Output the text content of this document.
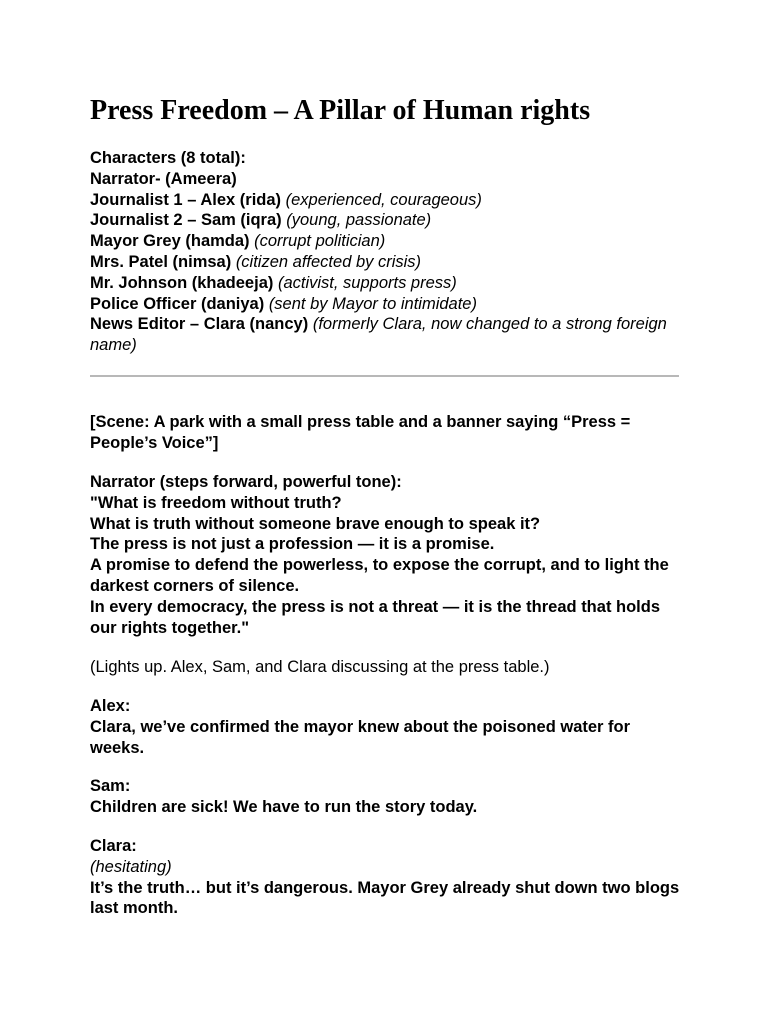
Press Freedom – A Pillar of Human rights

Characters (8 total):

Narrator- (Ameera)

Journalist 1 – Alex (rida) (experienced, courageous)

Journalist 2 – Sam (iqra) (young, passionate)

Mayor Grey (hamda) (corrupt politician)

Mrs. Patel (nimsa) (citizen affected by crisis)

Mr. Johnson (khadeeja) (activist, supports press)

Police Officer (daniya) (sent by Mayor to intimidate)

News Editor – Clara (nancy) (formerly Clara, now changed to a strong foreign name)

[Scene: A park with a small press table and a banner saying “Press = People’s Voice”]

Narrator (steps forward, powerful tone):

"What is freedom without truth?

What is truth without someone brave enough to speak it?

The press is not just a profession — it is a promise.

A promise to defend the powerless, to expose the corrupt, and to light the darkest corners of silence.

In every democracy, the press is not a threat — it is the thread that holds our rights together."

(Lights up. Alex, Sam, and Clara discussing at the press table.)

Alex:

Clara, we’ve confirmed the mayor knew about the poisoned water for weeks.

Sam:

Children are sick! We have to run the story today.

Clara:

(hesitating)

It’s the truth… but it’s dangerous. Mayor Grey already shut down two blogs last month.
